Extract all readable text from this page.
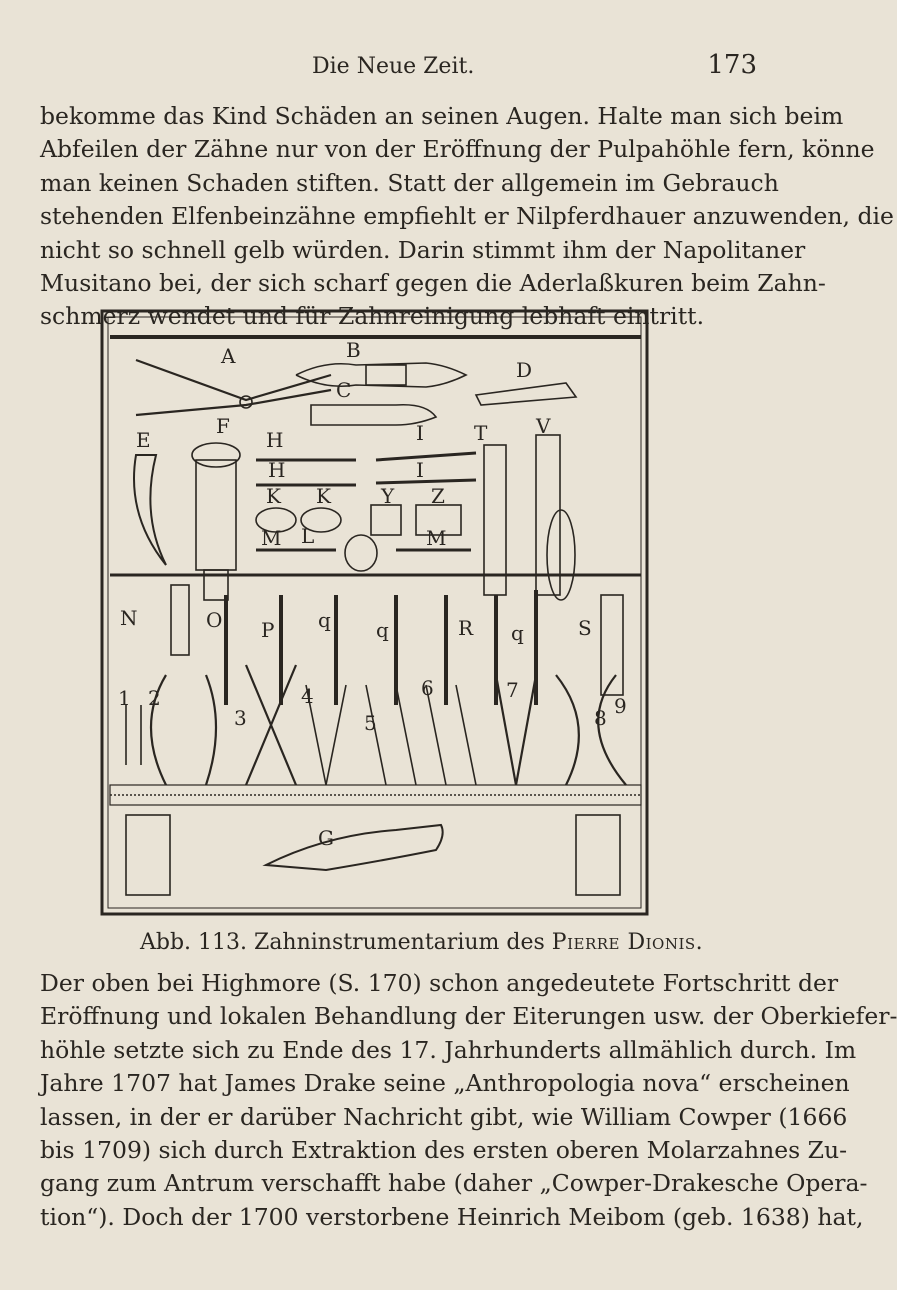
Die Neue Zeit.	173
bekomme das Kind Schäden an seinen Augen. Halte man sich beim
Abfeilen der Zähne nur von der Eröffnung der Pulpahöhle fern, könne
man keinen Schaden stiften. Statt der allgemein im Gebrauch
stehenden Elfenbeinzähne empfiehlt er Nilpferdhauer anzuwenden, die
nicht so schnell gelb würden. Darin stimmt ihm der Napolitaner
Musitano bei, der sich scharf gegen die Aderlaßkuren beim Zahn-
schmerz wendet und für Zahnreinigung lebhaft eintritt.
A	B
C
D
E
F
H	I	T V
H	I
K K	Y Z
L
M	M
N	O P q q	R q	S
1 2
3
4
5
6	7
8 9
G
Abb. 113. Zahninstrumentarium des Pierre Dionis.
Der oben bei Highmore (S. 170) schon angedeutete Fortschritt der
Eröffnung und lokalen Behandlung der Eiterungen usw. der Oberkiefer-
höhle setzte sich zu Ende des 17. Jahrhunderts allmählich durch. Im
Jahre 1707 hat James Drake seine „Anthropologia nova“ erscheinen
lassen, in der er darüber Nachricht gibt, wie William Cowper (1666
bis 1709) sich durch Extraktion des ersten oberen Molarzahnes Zu-
gang zum Antrum verschafft habe (daher „Cowper-Drakesche Opera-
tion“). Doch der 1700 verstorbene Heinrich Meibom (geb. 1638) hat,
